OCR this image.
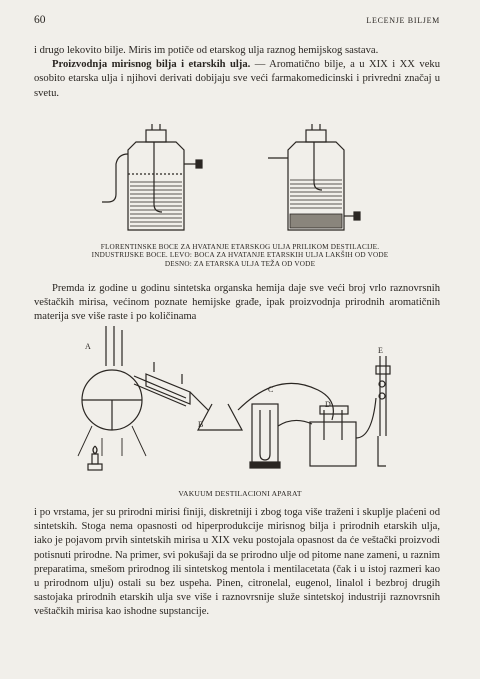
60	LECENJE BILJEM

i drugo lekovito bilje. Miris im potiče od etarskog ulja raznog hemijskog sastava.

Proizvodnja mirisnog bilja i etarskih ulja. — Aromatično bilje, a u XIX i XX veku osobito etarska ulja i njihovi derivati dobijaju sve veći farmakomedicinski i privredni značaj u svetu.

FLORENTINSKE BOCE ZA HVATANJE ETARSKOG ULJA PRILIKOM DESTILACIJE.
INDUSTRIJSKE BOCE. LEVO: BOCA ZA HVATANJE ETARSKIH ULJA LAKŠIH OD VODE
DESNO: ZA ETARSKA ULJA TEŽA OD VODE

Premda iz godine u godinu sintetska organska hemija daje sve veći broj vrlo raznovrsnih veštačkih mirisa, većinom poznate hemijske građe, ipak proizvodnja prirodnih aromatičnih materija sve više raste i po količinama

A
B
C
D
E
VAKUUM DESTILACIONI APARAT

i po vrstama, jer su prirodni mirisi finiji, diskretniji i zbog toga više traženi i skuplje plaćeni od sintetskih. Stoga nema opasnosti od hiperprodukcije mirisnog bilja i prirodnih etarskih ulja, iako je pojavom prvih sintetskih mirisa u XIX veku postojala opasnost da će veštački proizvodi potisnuti prirodne. Na primer, svi pokušaji da se prirodno ulje od pitome nane zameni, u raznim preparatima, smešom prirodnog ili sintetskog mentola i mentilacetata (čak i u istoj razmeri kao u prirodnom ulju) ostali su bez uspeha. Pinen, citronelal, eugenol, linalol i bezbroj drugih sastojaka prirodnih etarskih ulja sve više i raznovrsnije služe sintetskoj industriji raznovrsnih veštačkih mirisa kao ishodne supstancije.
